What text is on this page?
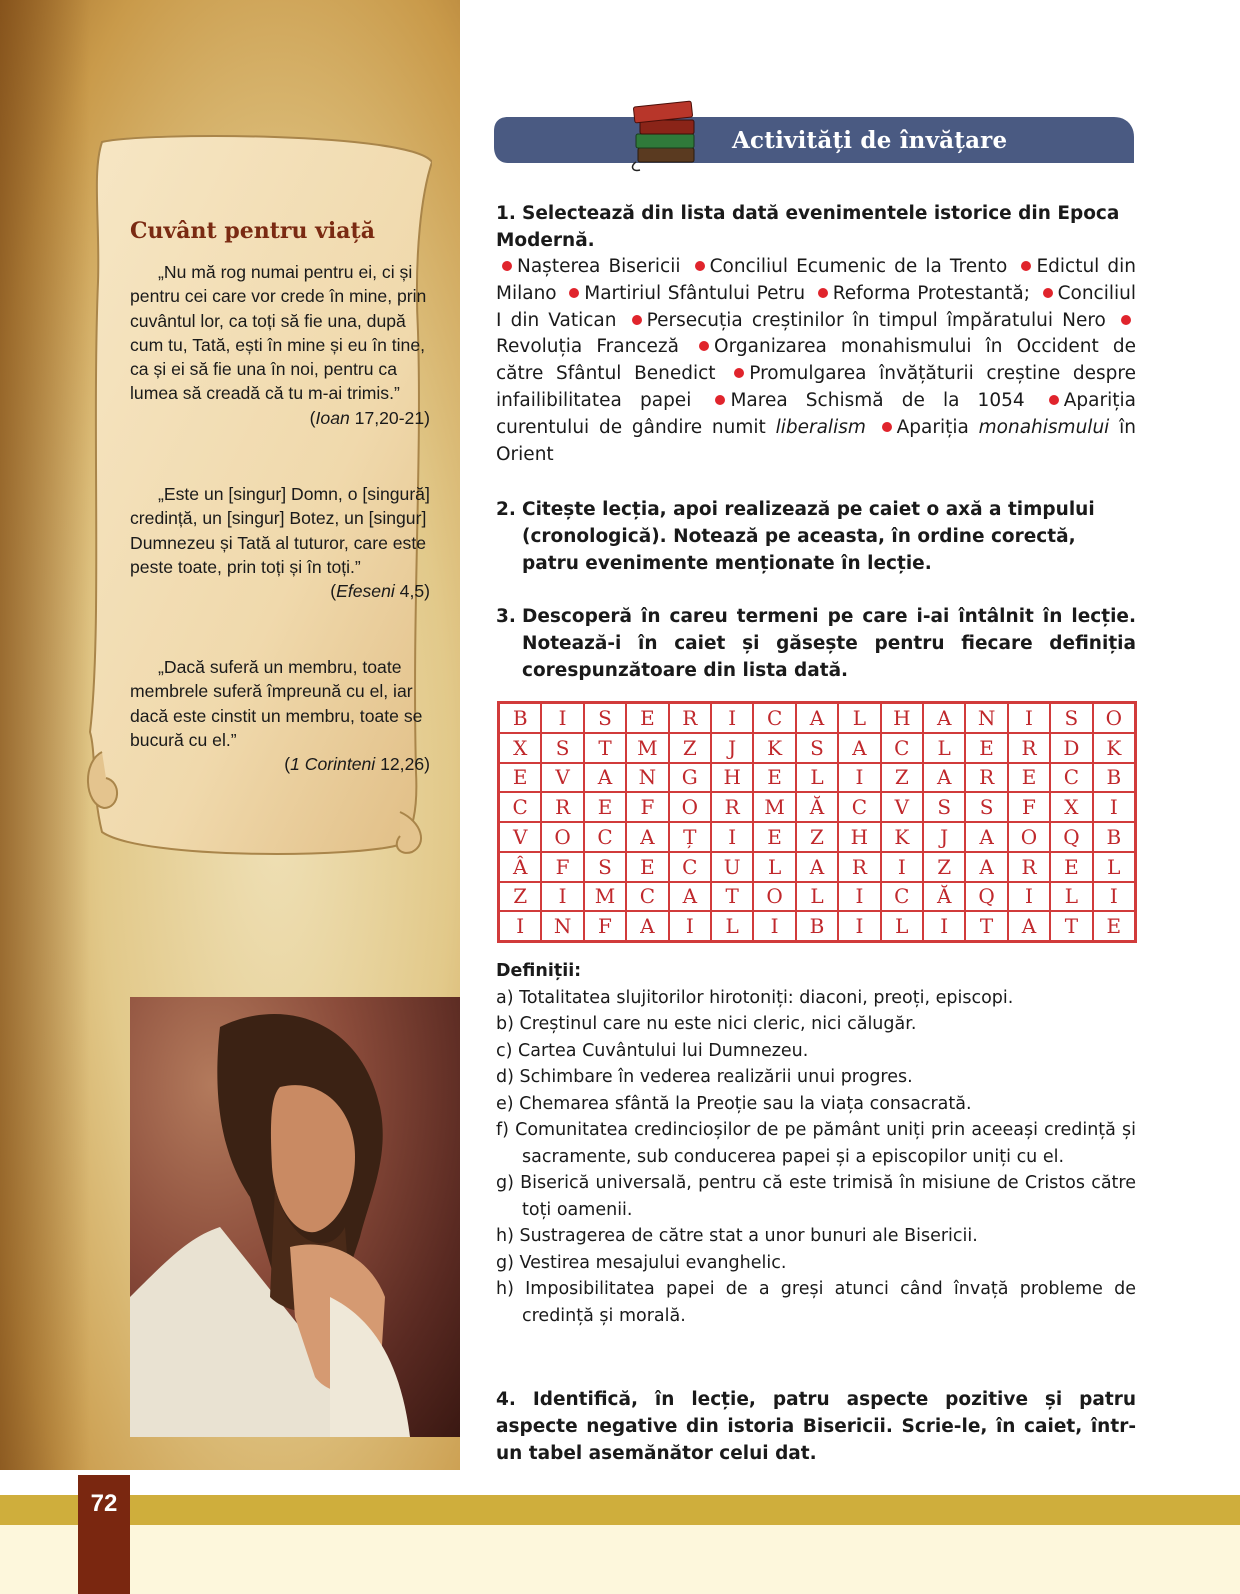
Cuvânt pentru viață

„Nu mă rog numai pentru ei, ci și pentru cei care vor crede în mine, prin cuvântul lor, ca toți să fie una, după cum tu, Tată, ești în mine și eu în tine, ca și ei să fie una în noi, pentru ca lumea să creadă că tu m-ai trimis.”

(Ioan 17,20-21)

„Este un [singur] Domn, o [singură] credință, un [singur] Botez, un [singur] Dumnezeu și Tată al tuturor, care este peste toate, prin toți și în toți.”

(Efeseni 4,5)

„Dacă suferă un membru, toate membrele suferă împreună cu el, iar dacă este cinstit un membru, toate se bucură cu el.”

(1 Corinteni 12,26)

Activități de învățare
1. Selectează din lista dată evenimentele istorice din Epoca Modernă.
Nașterea Bisericii Conciliul Ecumenic de la Trento Edictul din Milano Martiriul Sfântului Petru Reforma Protestantă; Conciliul I din Vatican Persecuția creștinilor în timpul împăratului Nero Revoluția Franceză Organizarea monahismului în Occident de către Sfântul Benedict Promulgarea învățăturii creștine despre infailibilitatea papei Marea Schismă de la 1054 Apariția curentului de gândire numit liberalism Apariția monahismului în Orient
2. Citește lecția, apoi realizează pe caiet o axă a timpului (cronologică). Notează pe aceasta, în ordine corectă, patru evenimente menționate în lecție.
3. Descoperă în careu termeni pe care i-ai întâlnit în lecție. Notează-i în caiet și găsește pentru fiecare definiția corespunzătoare din lista dată.
B	I	S	E	R	I	C	A	L	H	A	N	I	S	O
X	S	T	M	Z	J	K	S	A	C	L	E	R	D	K
E	V	A	N	G	H	E	L	I	Z	A	R	E	C	B
C	R	E	F	O	R	M	Ă	C	V	S	S	F	X	I
V	O	C	A	Ț	I	E	Z	H	K	J	A	O	Q	B
Â	F	S	E	C	U	L	A	R	I	Z	A	R	E	L
Z	I	M	C	A	T	O	L	I	C	Ă	Q	I	L	I
I	N	F	A	I	L	I	B	I	L	I	T	A	T	E
Definiții:
a) Totalitatea slujitorilor hirotoniți: diaconi, preoți, episcopi.
b) Creștinul care nu este nici cleric, nici călugăr.
c) Cartea Cuvântului lui Dumnezeu.
d) Schimbare în vederea realizării unui progres.
e) Chemarea sfântă la Preoție sau la viața consacrată.
f) Comunitatea credincioșilor de pe pământ uniți prin aceeași credință și sacramente, sub conducerea papei și a episcopilor uniți cu el.
g) Biserică universală, pentru că este trimisă în misiune de Cristos către toți oamenii.
h) Sustragerea de către stat a unor bunuri ale Bisericii.
g) Vestirea mesajului evanghelic.
h) Imposibilitatea papei de a greși atunci când învață probleme de credință și morală.
4. Identifică, în lecție, patru aspecte pozitive și patru aspecte negative din istoria Bisericii. Scrie-le, în caiet, într-un tabel asemănător celui dat.
72
